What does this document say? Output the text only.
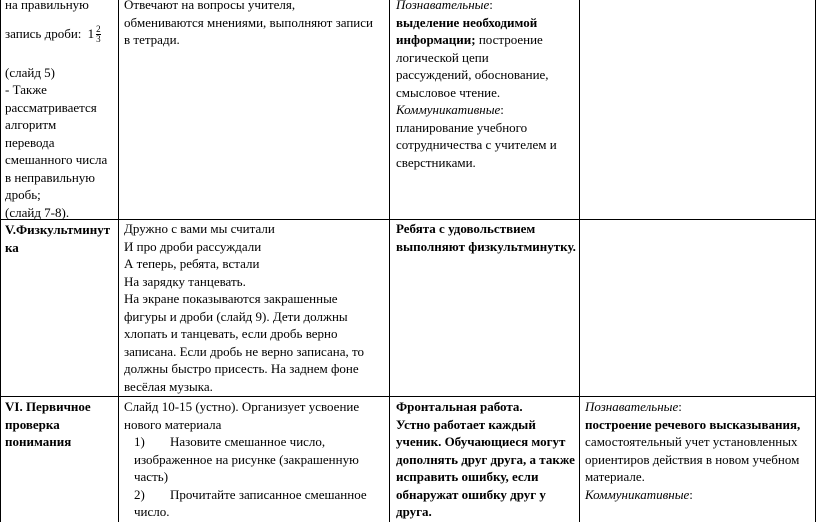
на правильную
запись дроби: $1 \frac{2}{3}$
(слайд 5)
- Также
рассматривается
алгоритм
перевода
смешанного числа
в неправильную
дробь;
(слайд 7-8).
Отвечают на вопросы учителя,
обмениваются мнениями, выполняют записи
в тетради.
Познавательные:
выделение необходимой
информации; построение
логической цепи
рассуждений, обоснование,
смысловое чтение.
Коммуникативные:
планирование учебного
сотрудничества с учителем и
сверстниками.
V.Физкультминут
ка
Дружно с вами мы считали
И про дроби рассуждали
А теперь, ребята, встали
На зарядку танцевать.
На экране показываются закрашенные
фигуры и дроби (слайд 9). Дети должны
хлопать и танцевать, если дробь верно
записана. Если дробь не верно записана, то
должны быстро присесть. На заднем фоне
весёлая музыка.
Ребята с удовольствием
выполняют физкультминутку.
VI. Первичное
проверка
понимания
Слайд 10-15 (устно). Организует усвоение
нового материала
1) Назовите смешанное число,
изображенное на рисунке (закрашенную
часть)
2) Прочитайте записанное смешанное
число.
Фронтальная работа.
Устно работает каждый
ученик. Обучающиеся могут
дополнять друг друга, а также
исправить ошибку, если
обнаружат ошибку друг у
друга.
Познавательные:
построение речевого высказывания,
самостоятельный учет установленных
ориентиров действия в новом учебном
материале.
Коммуникативные:
